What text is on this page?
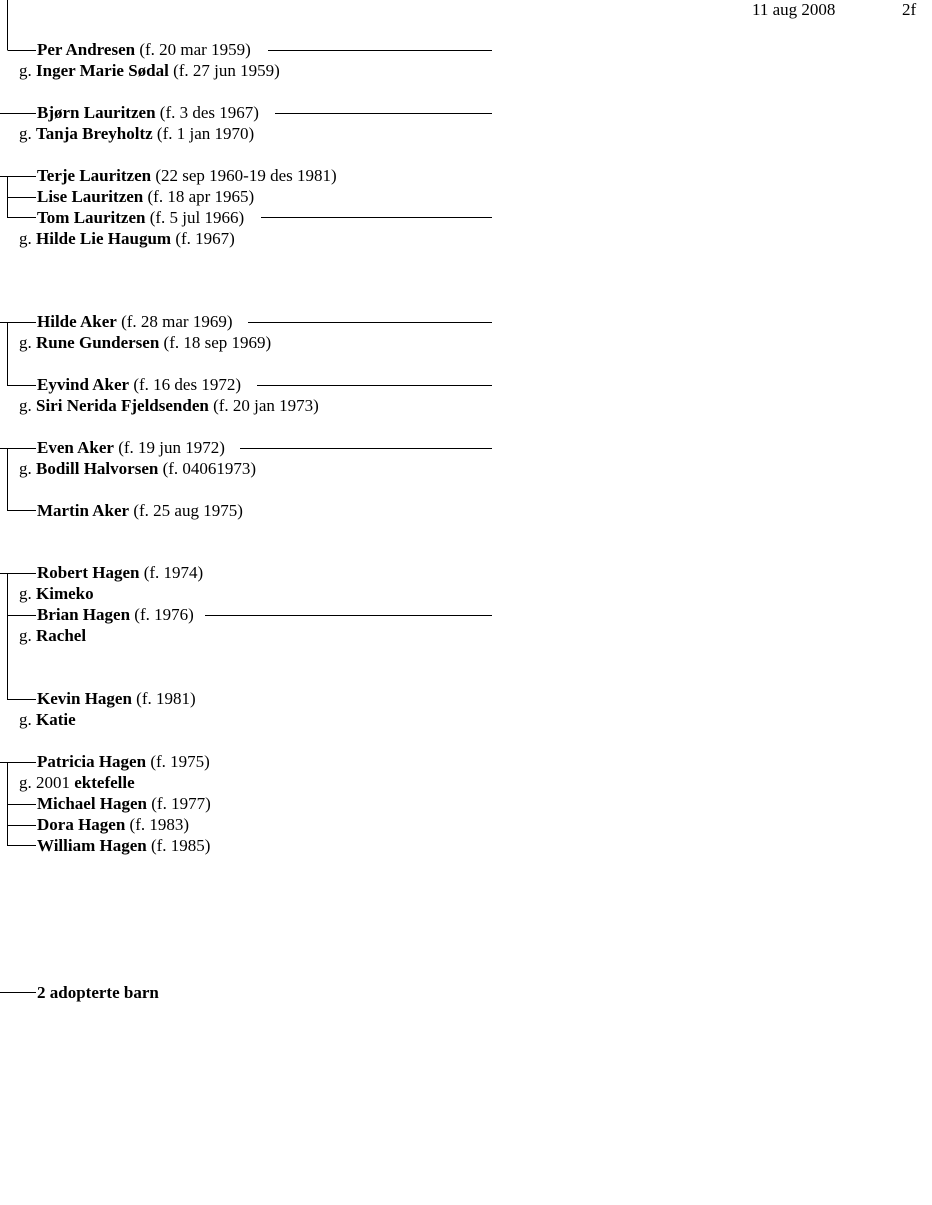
11 aug 2008	2f
Per Andresen (f. 20 mar 1959)
g. Inger Marie Sødal (f. 27 jun 1959)
Bjørn Lauritzen (f. 3 des 1967)
g. Tanja Breyholtz (f. 1 jan 1970)
Terje Lauritzen (22 sep 1960-19 des 1981)
Lise Lauritzen (f. 18 apr 1965)
Tom Lauritzen (f. 5 jul 1966)
g. Hilde Lie Haugum (f. 1967)
Hilde Aker (f. 28 mar 1969)
g. Rune Gundersen (f. 18 sep 1969)
Eyvind Aker (f. 16 des 1972)
g. Siri Nerida Fjeldsenden (f. 20 jan 1973)
Even Aker (f. 19 jun 1972)
g. Bodill Halvorsen (f. 04061973)
Martin Aker (f. 25 aug 1975)
Robert Hagen (f. 1974)
g. Kimeko
Brian Hagen (f. 1976)
g. Rachel
Kevin Hagen (f. 1981)
g. Katie
Patricia Hagen (f. 1975)
g. 2001 ektefelle
Michael Hagen (f. 1977)
Dora Hagen (f. 1983)
William Hagen (f. 1985)
2 adopterte barn
